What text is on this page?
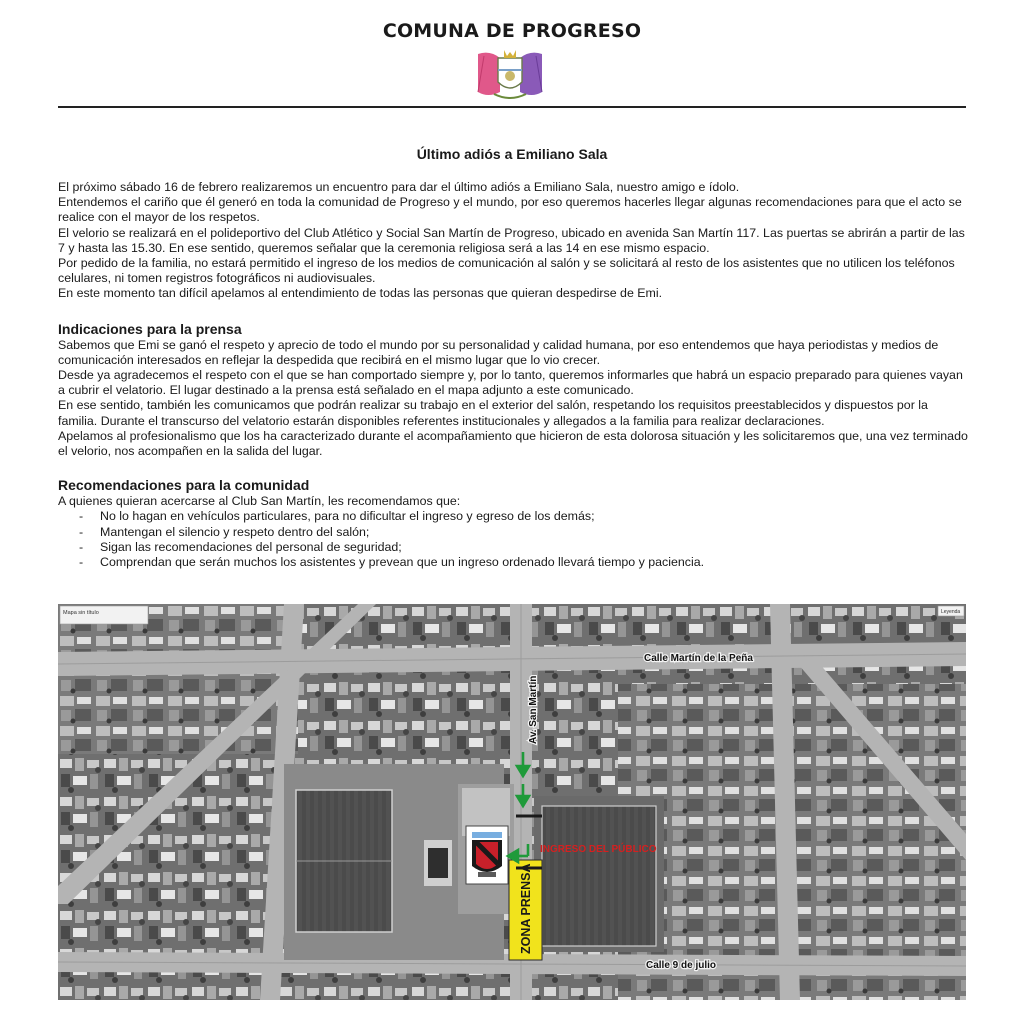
COMUNA DE PROGRESO
Último adiós a Emiliano Sala

El próximo sábado 16 de febrero realizaremos un encuentro para dar el último adiós a Emiliano Sala, nuestro amigo e ídolo.

Entendemos el cariño que él generó en toda la comunidad de Progreso y el mundo, por eso queremos hacerles llegar algunas recomendaciones para que el acto se realice con el mayor de los respetos.

El velorio se realizará en el polideportivo del Club Atlético y Social San Martín de Progreso, ubicado en avenida San Martín 117. Las puertas se abrirán a partir de las 7 y hasta las 15.30. En ese sentido, queremos señalar que la ceremonia religiosa será a las 14 en ese mismo espacio.

Por pedido de la familia, no estará permitido el ingreso de los medios de comunicación al salón y se solicitará al resto de los asistentes que no utilicen los teléfonos celulares, ni tomen registros fotográficos ni audiovisuales.

En este momento tan difícil apelamos al entendimiento de todas las personas que quieran despedirse de Emi.

Indicaciones para la prensa

Sabemos que Emi se ganó el respeto y aprecio de todo el mundo por su personalidad y calidad humana, por eso entendemos que haya periodistas y medios de comunicación interesados en reflejar la despedida que recibirá en el mismo lugar que lo vio crecer.

Desde ya agradecemos el respeto con el que se han comportado siempre y, por lo tanto, queremos informarles que habrá un espacio preparado para quienes vayan a cubrir el velatorio. El lugar destinado a la prensa está señalado en el mapa adjunto a este comunicado.

En ese sentido, también les comunicamos que podrán realizar su trabajo en el exterior del salón, respetando los requisitos preestablecidos y dispuestos por la familia. Durante el transcurso del velatorio estarán disponibles referentes institucionales y allegados a la familia para realizar declaraciones.

Apelamos al profesionalismo que los ha caracterizado durante el acompañamiento que hicieron de esta dolorosa situación y les solicitaremos que, una vez terminado el velorio, nos acompañen en la salida del lugar.

Recomendaciones para la comunidad

A quienes quieran acercarse al Club San Martín, les recomendamos que:

- No lo hagan en vehículos particulares, para no dificultar el ingreso y egreso de los demás;
- Mantengan el silencio y respeto dentro del salón;
- Sigan las recomendaciones del personal de seguridad;
- Comprendan que serán muchos los asistentes y prevean que un ingreso ordenado llevará tiempo y paciencia.
ZONA PRENSA
INGRESO DEL PÚBLICO
Calle Martín de la Peña
Av. San Martín
Calle 9 de julio
Mapa sin título	Leyenda
